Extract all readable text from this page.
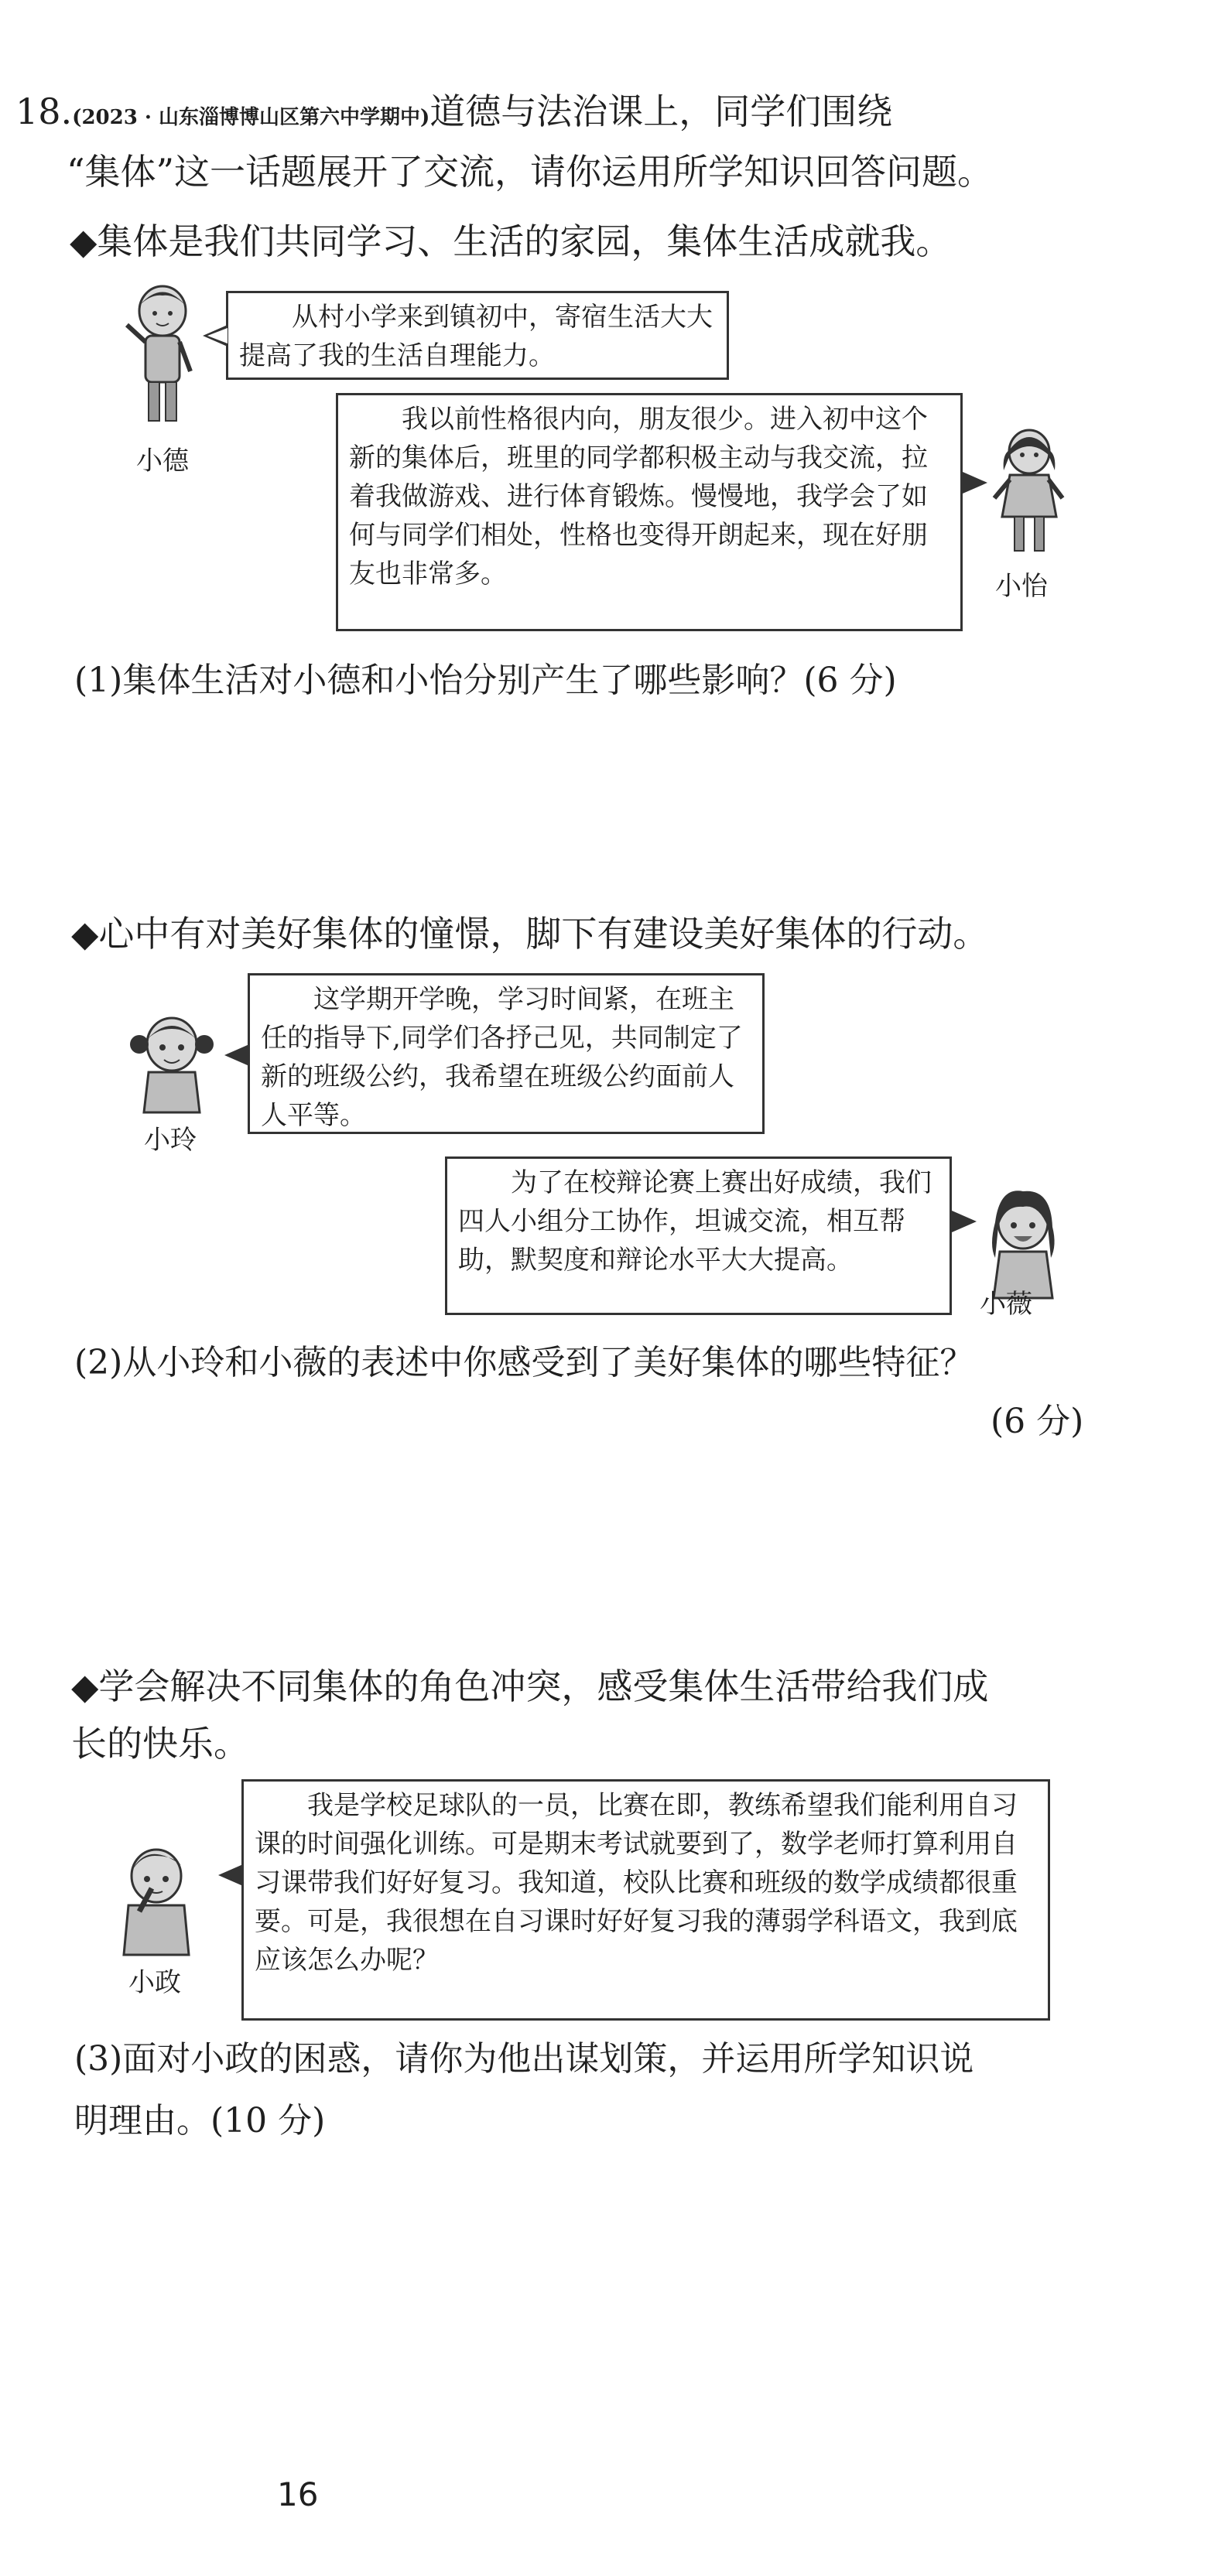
18.(2023 · 山东淄博博山区第六中学期中)道德与法治课上，同学们围绕
“集体”这一话题展开了交流，请你运用所学知识回答问题。
◆集体是我们共同学习、生活的家园，集体生活成就我。
小德

从村小学来到镇初中，寄宿生活大大提高了我的生活自理能力。

我以前性格很内向，朋友很少。进入初中这个新的集体后，班里的同学都积极主动与我交流，拉着我做游戏、进行体育锻炼。慢慢地，我学会了如何与同学们相处，性格也变得开朗起来，现在好朋友也非常多。	小怡
(1)集体生活对小德和小怡分别产生了哪些影响？(6 分)
◆心中有对美好集体的憧憬，脚下有建设美好集体的行动。
小玲

这学期开学晚，学习时间紧，在班主任的指导下,同学们各抒己见，共同制定了新的班级公约，我希望在班级公约面前人人平等。

为了在校辩论赛上赛出好成绩，我们四人小组分工协作，坦诚交流，相互帮助，默契度和辩论水平大大提高。

小薇
(2)从小玲和小薇的表述中你感受到了美好集体的哪些特征？
(6 分)
◆学会解决不同集体的角色冲突，感受集体生活带给我们成
长的快乐。
小政

我是学校足球队的一员，比赛在即，教练希望我们能利用自习课的时间强化训练。可是期末考试就要到了，数学老师打算利用自习课带我们好好复习。我知道，校队比赛和班级的数学成绩都很重要。可是，我很想在自习课时好好复习我的薄弱学科语文，我到底应该怎么办呢？

(3)面对小政的困惑，请你为他出谋划策，并运用所学知识说
明理由。(10 分)
16
